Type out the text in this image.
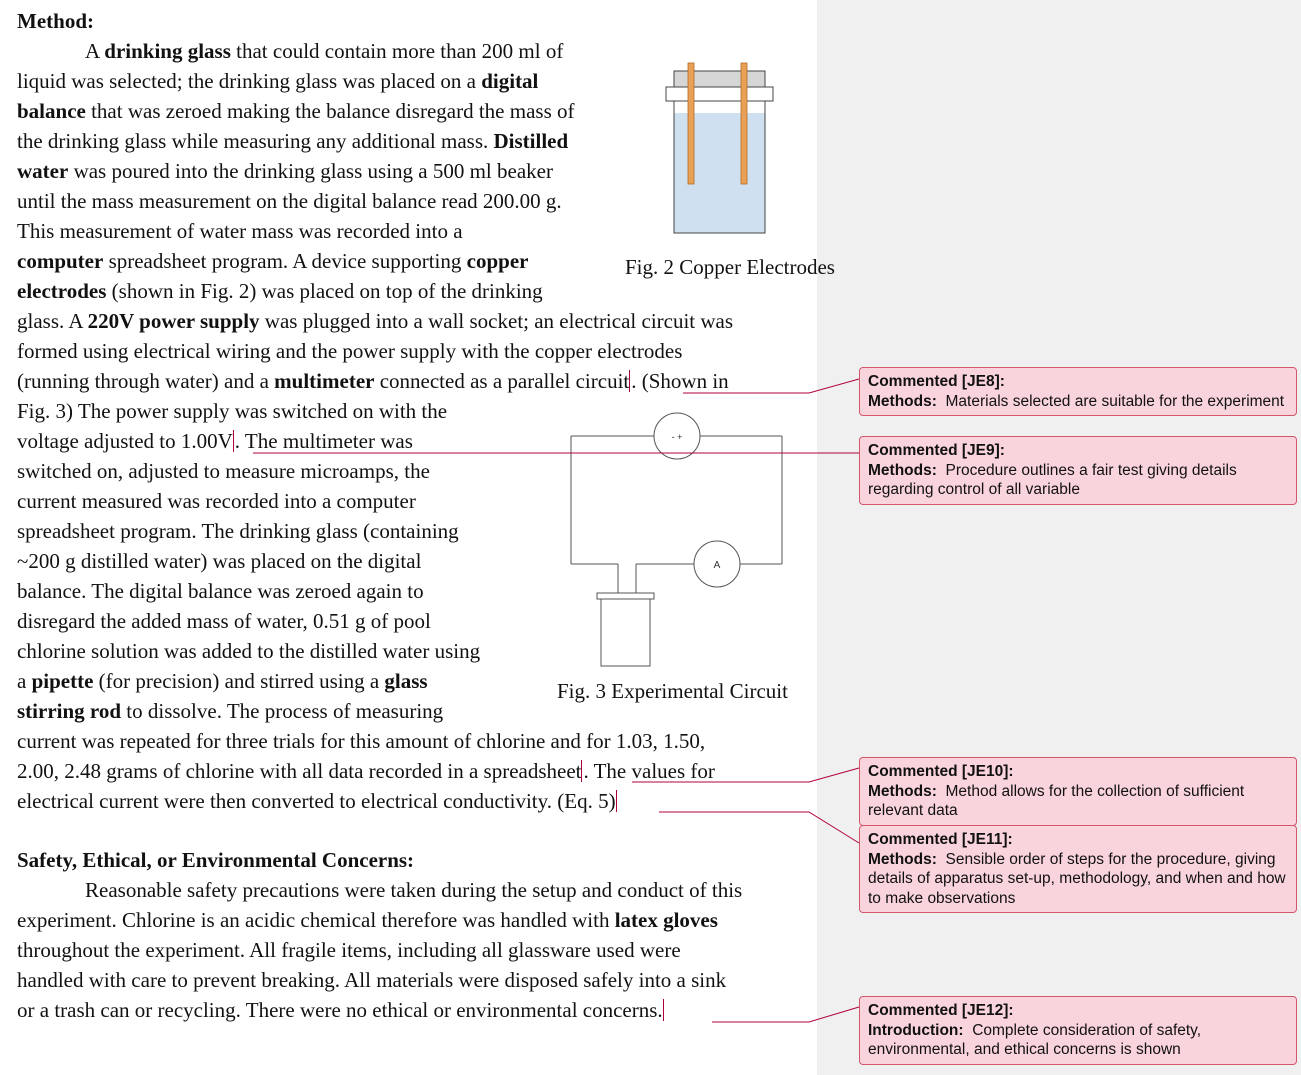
Method:
A drinking glass that could contain more than 200 ml of
liquid was selected; the drinking glass was placed on a digital
balance that was zeroed making the balance disregard the mass of
the drinking glass while measuring any additional mass. Distilled
water was poured into the drinking glass using a 500 ml beaker
until the mass measurement on the digital balance read 200.00 g.
This measurement of water mass was recorded into a
computer spreadsheet program. A device supporting copper
electrodes (shown in Fig. 2) was placed on top of the drinking
glass. A 220V power supply was plugged into a wall socket; an electrical circuit was
formed using electrical wiring and the power supply with the copper electrodes
(running through water) and a multimeter connected as a parallel circuit. (Shown in
Fig. 3) The power supply was switched on with the
voltage adjusted to 1.00V. The multimeter was
switched on, adjusted to measure microamps, the
current measured was recorded into a computer
spreadsheet program. The drinking glass (containing
~200 g distilled water) was placed on the digital
balance. The digital balance was zeroed again to
disregard the added mass of water, 0.51 g of pool
chlorine solution was added to the distilled water using
a pipette (for precision) and stirred using a glass
stirring rod to dissolve. The process of measuring
current was repeated for three trials for this amount of chlorine and for 1.03, 1.50,
2.00, 2.48 grams of chlorine with all data recorded in a spreadsheet. The values for
electrical current were then converted to electrical conductivity. (Eq. 5)
Safety, Ethical, or Environmental Concerns:
Reasonable safety precautions were taken during the setup and conduct of this
experiment. Chlorine is an acidic chemical therefore was handled with latex gloves
throughout the experiment. All fragile items, including all glassware used were
handled with care to prevent breaking. All materials were disposed safely into a sink
or a trash can or recycling. There were no ethical or environmental concerns.
- +
A
Fig. 2 Copper Electrodes
Fig. 3 Experimental Circuit
Commented [JE8]:
Methods: Materials selected are suitable for the experiment
Commented [JE9]:
Methods: Procedure outlines a fair test giving details regarding control of all variable
Commented [JE10]:
Methods: Method allows for the collection of sufficient relevant data
Commented [JE11]:
Methods: Sensible order of steps for the procedure, giving details of apparatus set-up, methodology, and when and how to make observations
Commented [JE12]:
Introduction: Complete consideration of safety, environmental, and ethical concerns is shown
